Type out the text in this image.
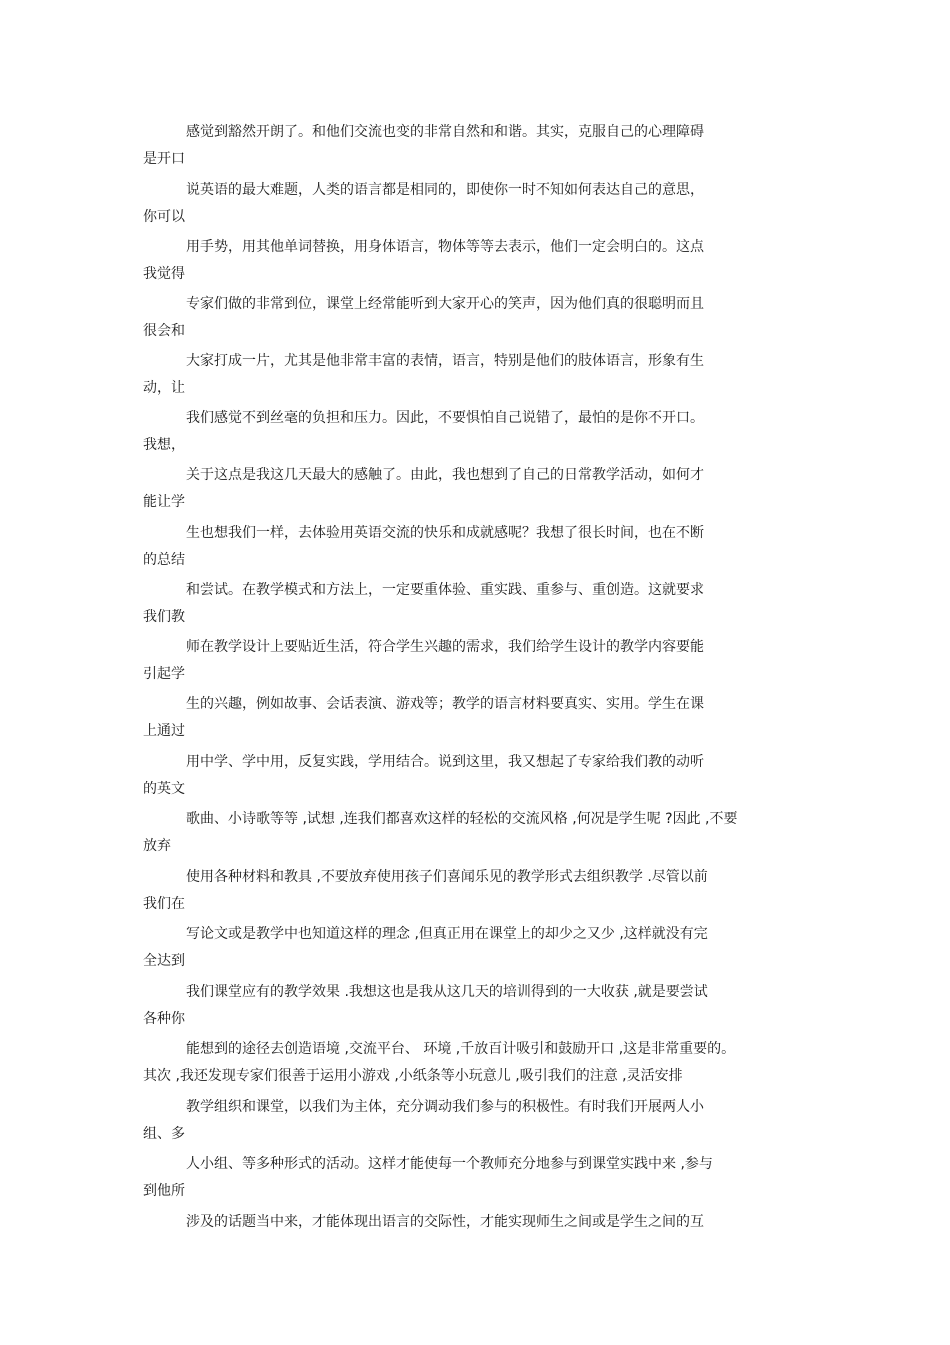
感觉到豁然开朗了。和他们交流也变的非常自然和和谐。其实，克服自己的心理障碍
是开口
说英语的最大难题，人类的语言都是相同的，即使你一时不知如何表达自己的意思，
你可以
用手势，用其他单词替换，用身体语言，物体等等去表示，他们一定会明白的。这点
我觉得
专家们做的非常到位，课堂上经常能听到大家开心的笑声，因为他们真的很聪明而且
很会和
大家打成一片，尤其是他非常丰富的表情，语言，特别是他们的肢体语言，形象有生
动，让
我们感觉不到丝毫的负担和压力。因此，不要惧怕自己说错了，最怕的是你不开口。
我想，
关于这点是我这几天最大的感触了。由此，我也想到了自己的日常教学活动，如何才
能让学
生也想我们一样，去体验用英语交流的快乐和成就感呢？我想了很长时间，也在不断
的总结
和尝试。在教学模式和方法上，一定要重体验、重实践、重参与、重创造。这就要求
我们教
师在教学设计上要贴近生活，符合学生兴趣的需求，我们给学生设计的教学内容要能
引起学
生的兴趣，例如故事、会话表演、游戏等；教学的语言材料要真实、实用。学生在课
上通过
用中学、学中用，反复实践，学用结合。说到这里，我又想起了专家给我们教的动听
的英文
歌曲、小诗歌等等 ,试想 ,连我们都喜欢这样的轻松的交流风格 ,何况是学生呢 ?因此 ,不要
放弃
使用各种材料和教具 ,不要放弃使用孩子们喜闻乐见的教学形式去组织教学 .尽管以前
我们在
写论文或是教学中也知道这样的理念 ,但真正用在课堂上的却少之又少 ,这样就没有完
全达到
我们课堂应有的教学效果 .我想这也是我从这几天的培训得到的一大收获 ,就是要尝试
各种你
能想到的途径去创造语境 ,交流平台、 环境 ,千放百计吸引和鼓励开口 ,这是非常重要的。
其次 ,我还发现专家们很善于运用小游戏 ,小纸条等小玩意儿 ,吸引我们的注意 ,灵活安排
教学组织和课堂，以我们为主体，充分调动我们参与的积极性。有时我们开展两人小
组、多
人小组、等多种形式的活动。这样才能使每一个教师充分地参与到课堂实践中来 ,参与
到他所
涉及的话题当中来，才能体现出语言的交际性，才能实现师生之间或是学生之间的互
